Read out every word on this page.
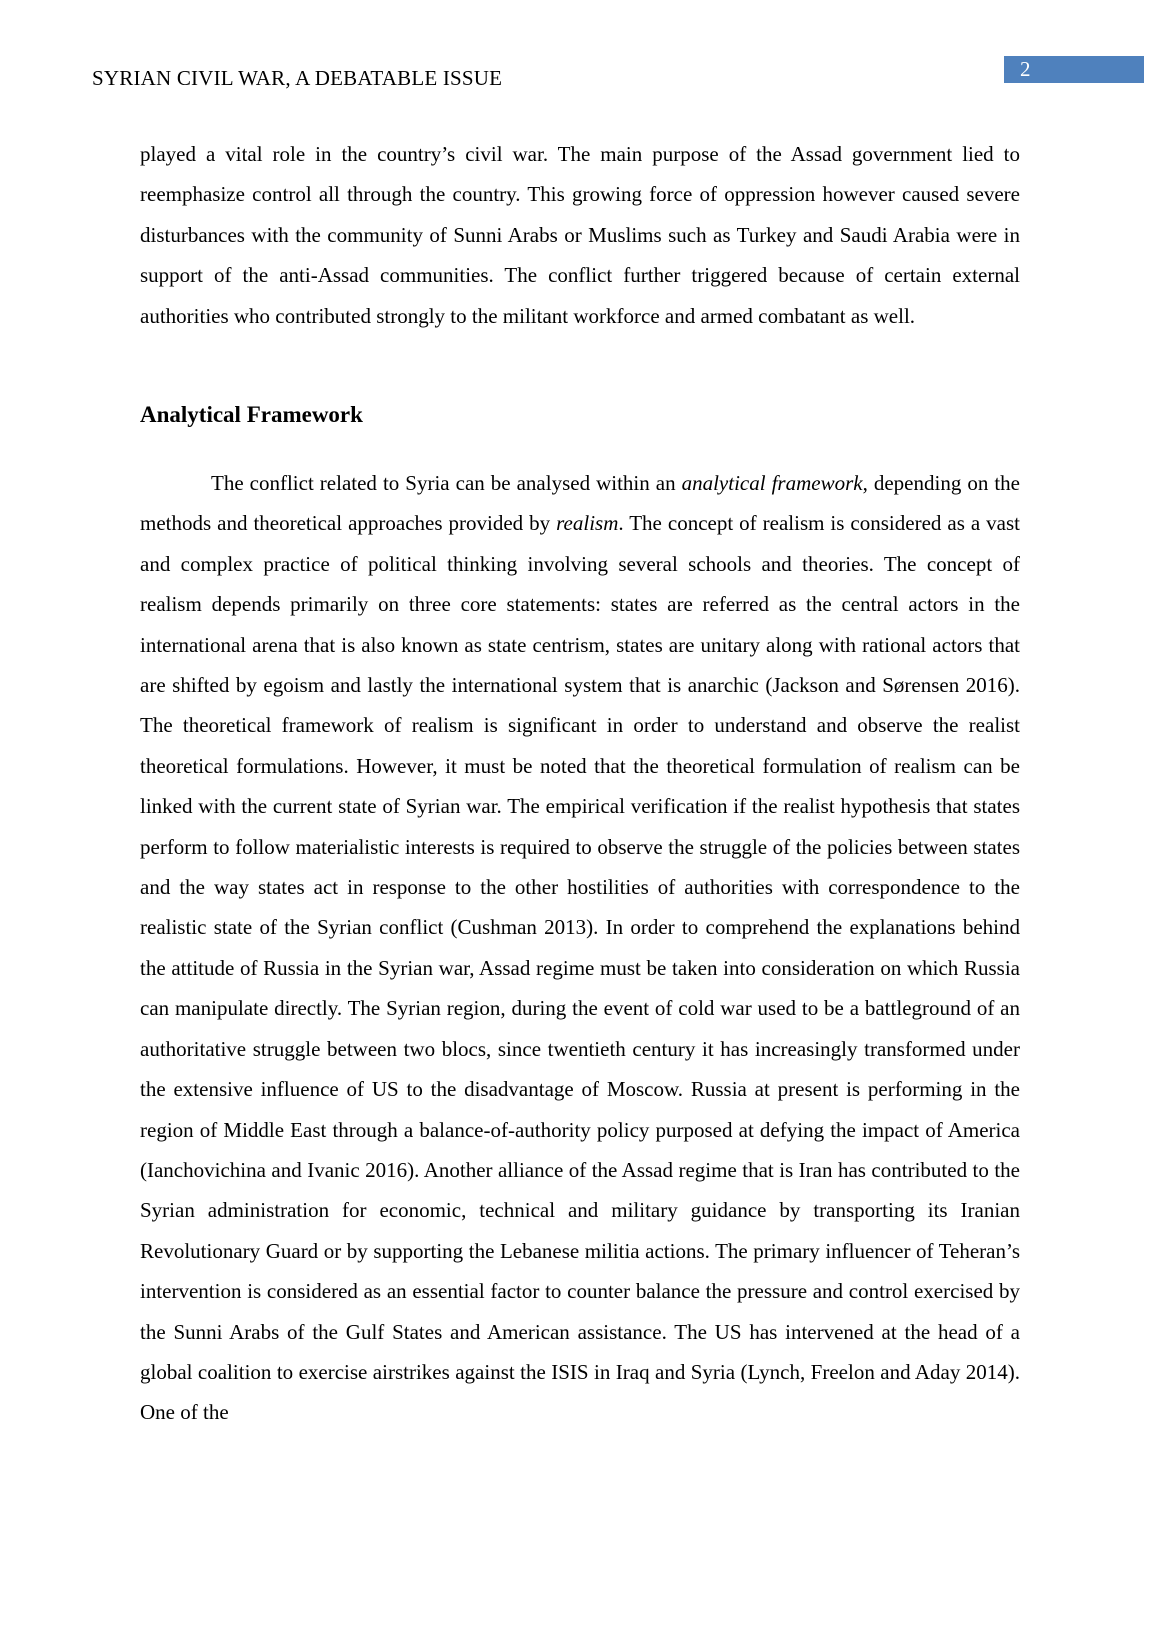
SYRIAN CIVIL WAR, A DEBATABLE ISSUE	2

played a vital role in the country’s civil war. The main purpose of the Assad government lied to reemphasize control all through the country. This growing force of oppression however caused severe disturbances with the community of Sunni Arabs or Muslims such as Turkey and Saudi Arabia were in support of the anti-Assad communities. The conflict further triggered because of certain external authorities who contributed strongly to the militant workforce and armed combatant as well.

Analytical Framework

The conflict related to Syria can be analysed within an analytical framework, depending on the methods and theoretical approaches provided by realism. The concept of realism is considered as a vast and complex practice of political thinking involving several schools and theories. The concept of realism depends primarily on three core statements: states are referred as the central actors in the international arena that is also known as state centrism, states are unitary along with rational actors that are shifted by egoism and lastly the international system that is anarchic (Jackson and Sørensen 2016). The theoretical framework of realism is significant in order to understand and observe the realist theoretical formulations. However, it must be noted that the theoretical formulation of realism can be linked with the current state of Syrian war. The empirical verification if the realist hypothesis that states perform to follow materialistic interests is required to observe the struggle of the policies between states and the way states act in response to the other hostilities of authorities with correspondence to the realistic state of the Syrian conflict (Cushman 2013). In order to comprehend the explanations behind the attitude of Russia in the Syrian war, Assad regime must be taken into consideration on which Russia can manipulate directly. The Syrian region, during the event of cold war used to be a battleground of an authoritative struggle between two blocs, since twentieth century it has increasingly transformed under the extensive influence of US to the disadvantage of Moscow. Russia at present is performing in the region of Middle East through a balance-of-authority policy purposed at defying the impact of America (Ianchovichina and Ivanic 2016). Another alliance of the Assad regime that is Iran has contributed to the Syrian administration for economic, technical and military guidance by transporting its Iranian Revolutionary Guard or by supporting the Lebanese militia actions. The primary influencer of Teheran’s intervention is considered as an essential factor to counter balance the pressure and control exercised by the Sunni Arabs of the Gulf States and American assistance. The US has intervened at the head of a global coalition to exercise airstrikes against the ISIS in Iraq and Syria (Lynch, Freelon and Aday 2014). One of the
